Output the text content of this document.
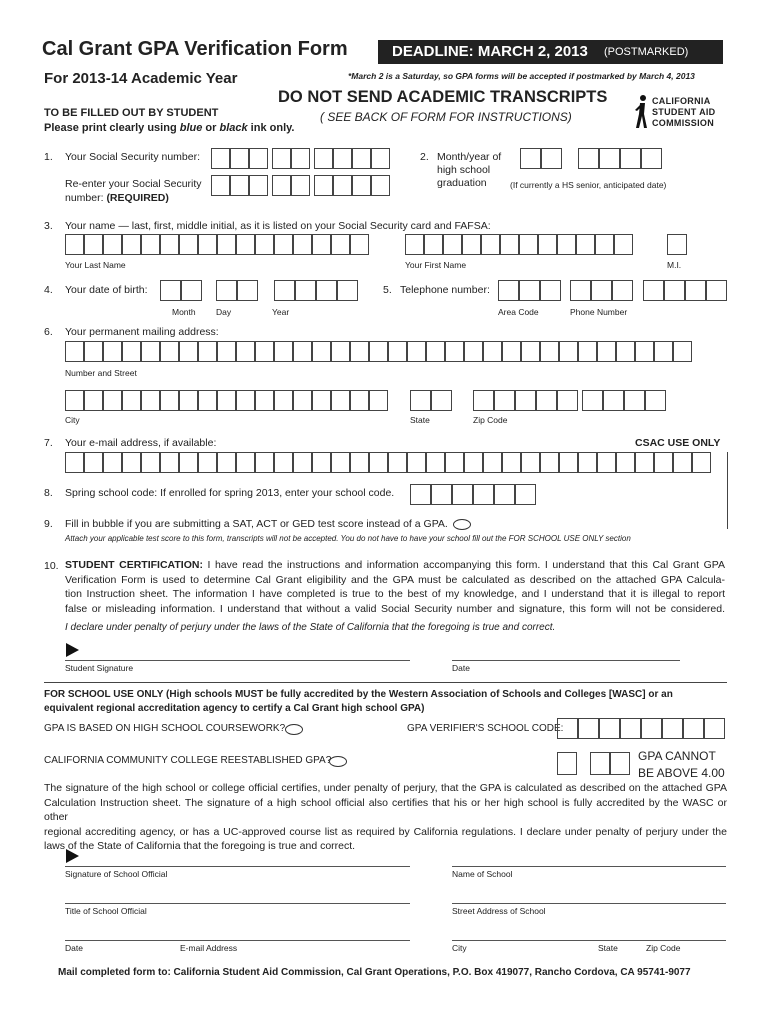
Cal Grant GPA Verification Form
For 2013-14 Academic Year
DEADLINE: MARCH 2, 2013 (POSTMARKED)
*March 2 is a Saturday, so GPA forms will be accepted if postmarked by March 4, 2013
DO NOT SEND ACADEMIC TRANSCRIPTS
( SEE BACK OF FORM FOR INSTRUCTIONS)
TO BE FILLED OUT BY STUDENT
Please print clearly using blue or black ink only.
CALIFORNIA
STUDENT AID
COMMISSION
1. Your Social Security number:
Re-enter your Social Security
number: (REQUIRED)
2. Month/year of
high school
graduation	(If currently a HS senior, anticipated date)
3. Your name — last, first, middle initial, as it is listed on your Social Security card and FAFSA:
Your Last Name	Your First Name	M.I.
4. Your date of birth:
Month Day	Year
5. Telephone number:
Area Code	Phone Number
6. Your permanent mailing address:
Number and Street
City	State	Zip Code
7. Your e-mail address, if available:	CSAC USE ONLY
8. Spring school code: If enrolled for spring 2013, enter your school code.
9. Fill in bubble if you are submitting a SAT, ACT or GED test score instead of a GPA.
Attach your applicable test score to this form, transcripts will not be accepted. You do not have to have your school fill out the FOR SCHOOL USE ONLY section
10. STUDENT CERTIFICATION: I have read the instructions and information accompanying this form. I understand that this Cal Grant GPA
Verification Form is used to determine Cal Grant eligibility and the GPA must be calculated as described on the attached GPA Calcula-
tion Instruction sheet. The information I have completed is true to the best of my knowledge, and I understand that it is illegal to report
false or misleading information. I understand that without a valid Social Security number and signature, this form will not be considered.
I declare under penalty of perjury under the laws of the State of California that the foregoing is true and correct.
Student Signature	Date
FOR SCHOOL USE ONLY (High schools MUST be fully accredited by the Western Association of Schools and Colleges [WASC] or an
equivalent regional accreditation agency to certify a Cal Grant high school GPA)
GPA IS BASED ON HIGH SCHOOL COURSEWORK?	GPA VERIFIER'S SCHOOL CODE:
CALIFORNIA COMMUNITY COLLEGE REESTABLISHED GPA?	GPA CANNOT
BE ABOVE 4.00
The signature of the high school or college official certifies, under penalty of perjury, that the GPA is calculated as described on the attached GPA
Calculation Instruction sheet. The signature of a high school official also certifies that his or her high school is fully accredited by the WASC or other
regional accrediting agency, or has a UC-approved course list as required by California regulations. I declare under penalty of perjury under the
laws of the State of California that the foregoing is true and correct.
Signature of School Official	Name of School
Title of School Official	Street Address of School
Date	E-mail Address	City	State	Zip Code
Mail completed form to: California Student Aid Commission, Cal Grant Operations, P.O. Box 419077, Rancho Cordova, CA 95741-9077
